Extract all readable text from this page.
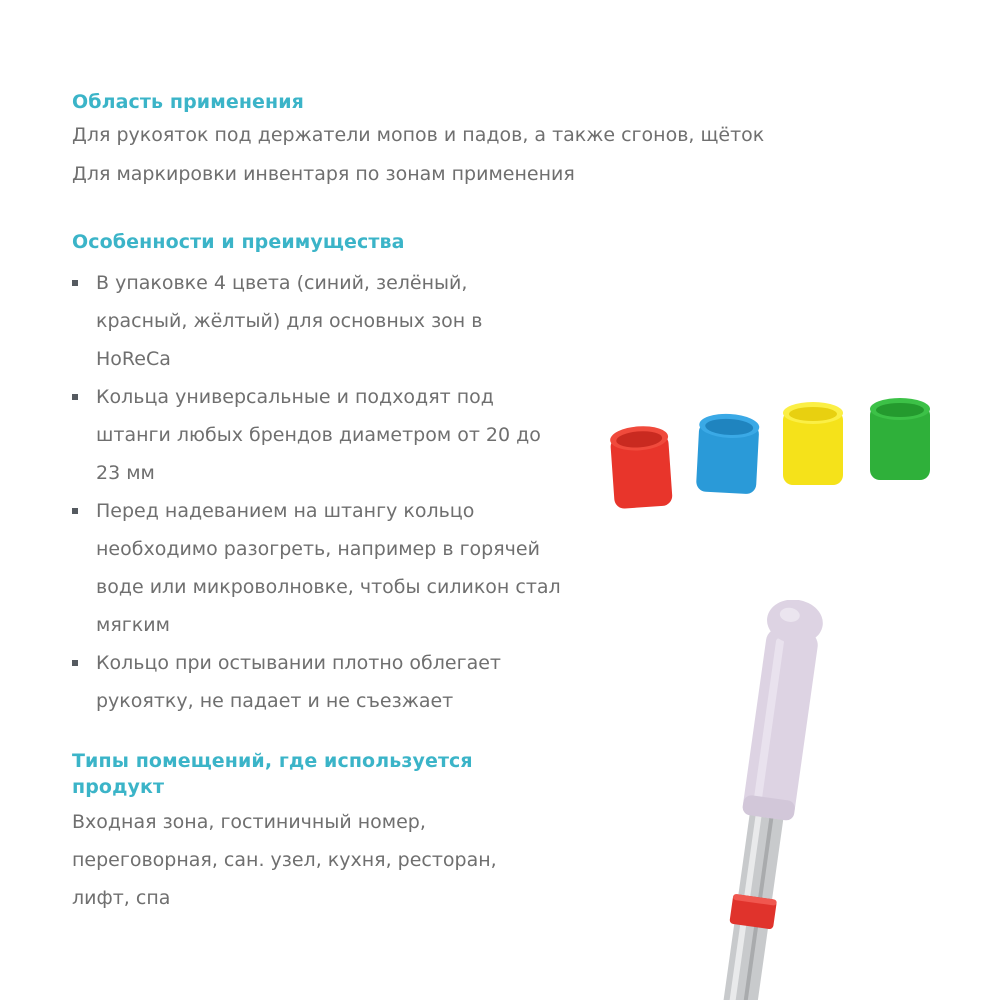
Область применения
Для рукояток под держатели мопов и падов, а также сгонов, щёток
Для маркировки инвентаря по зонам применения
Особенности и преимущества
В упаковке 4 цвета (синий, зелёный, красный, жёлтый) для основных зон в HoReCa
Кольца универсальные и подходят под штанги любых брендов диаметром от 20 до 23 мм
Перед надеванием на штангу кольцо необходимо разогреть, например в горячей воде или микроволновке, чтобы силикон стал мягким
Кольцо при остывании плотно облегает рукоятку, не падает и не съезжает
Типы помещений, где используется продукт
Входная зона, гостиничный номер, переговорная, сан. узел, кухня, ресторан, лифт, спа
